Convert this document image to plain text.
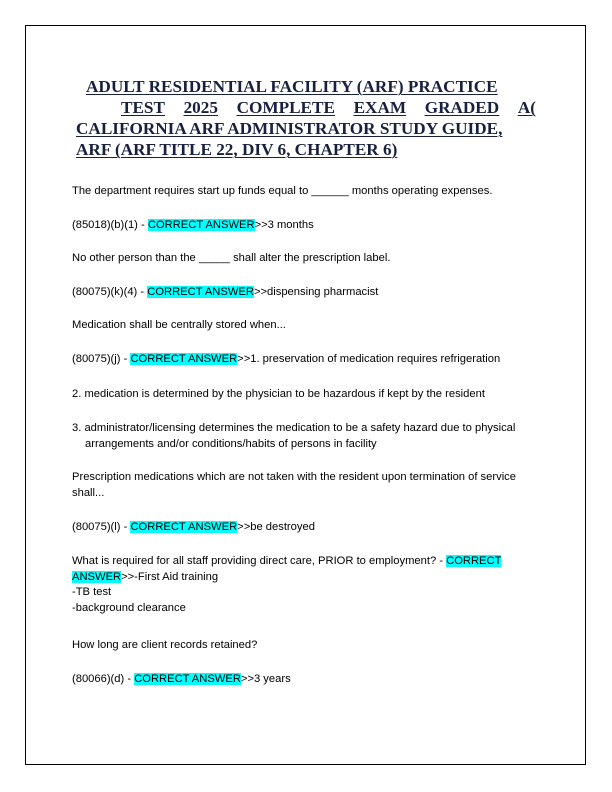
ADULT RESIDENTIAL FACILITY (ARF) PRACTICE
TEST 2025 COMPLETE EXAM GRADED A(
CALIFORNIA ARF ADMINISTRATOR STUDY GUIDE,
ARF (ARF TITLE 22, DIV 6, CHAPTER 6)
The department requires start up funds equal to ______ months operating expenses.
(85018)(b)(1) - CORRECT ANSWER>>3 months
No other person than the _____ shall alter the prescription label.
(80075)(k)(4) - CORRECT ANSWER>>dispensing pharmacist
Medication shall be centrally stored when...
(80075)(j) - CORRECT ANSWER>>1. preservation of medication requires refrigeration
2. medication is determined by the physician to be hazardous if kept by the resident
3. administrator/licensing determines the medication to be a safety hazard due to physical
arrangements and/or conditions/habits of persons in facility
Prescription medications which are not taken with the resident upon termination of service shall...
(80075)(l) - CORRECT ANSWER>>be destroyed
What is required for all staff providing direct care, PRIOR to employment? - CORRECT
ANSWER>>-First Aid training
-TB test
-background clearance
How long are client records retained?
(80066)(d) - CORRECT ANSWER>>3 years
